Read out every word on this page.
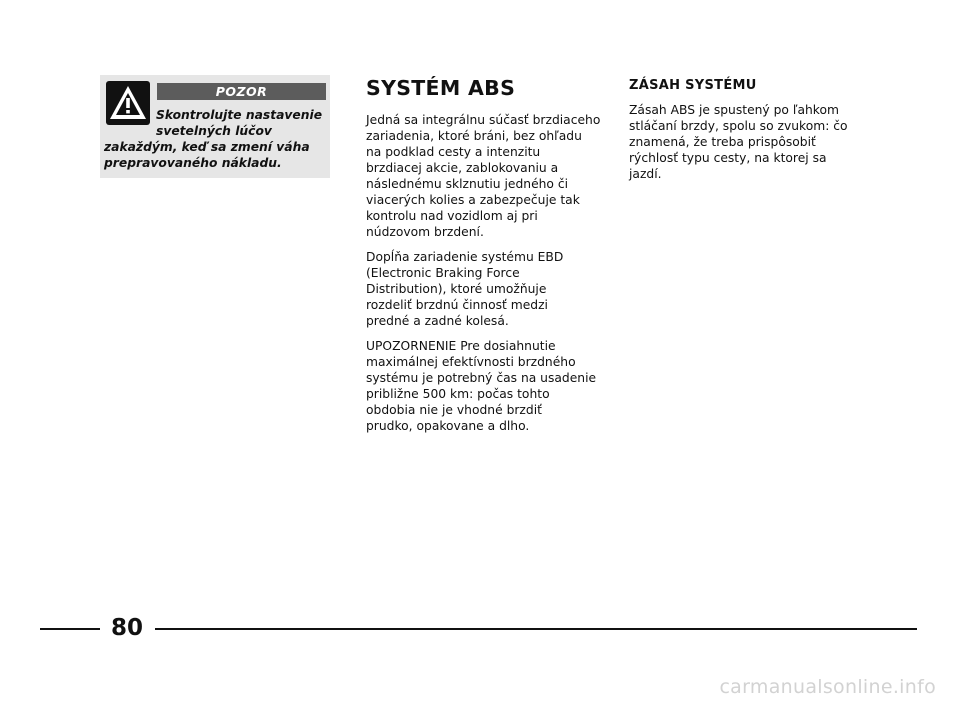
POZOR
Skontrolujte nastavenie
svetelných lúčov
zakaždým, keď sa zmení váha
prepravovaného nákladu.
SYSTÉM ABS
Jedná sa integrálnu súčasť brzdiaceho
zariadenia, ktoré bráni, bez ohľadu
na podklad cesty a intenzitu
brzdiacej akcie, zablokovaniu a
následnému sklznutiu jedného či
viacerých kolies a zabezpečuje tak
kontrolu nad vozidlom aj pri
núdzovom brzdení.
Dopĺňa zariadenie systému EBD
(Electronic Braking Force
Distribution), ktoré umožňuje
rozdeliť brzdnú činnosť medzi
predné a zadné kolesá.
UPOZORNENIE Pre dosiahnutie
maximálnej efektívnosti brzdného
systému je potrebný čas na usadenie
približne 500 km: počas tohto
obdobia nie je vhodné brzdiť
prudko, opakovane a dlho.
ZÁSAH SYSTÉMU
Zásah ABS je spustený po ľahkom
stláčaní brzdy, spolu so zvukom: čo
znamená, že treba prispôsobiť
rýchlosť typu cesty, na ktorej sa
jazdí.
80
carmanualsonline.info
